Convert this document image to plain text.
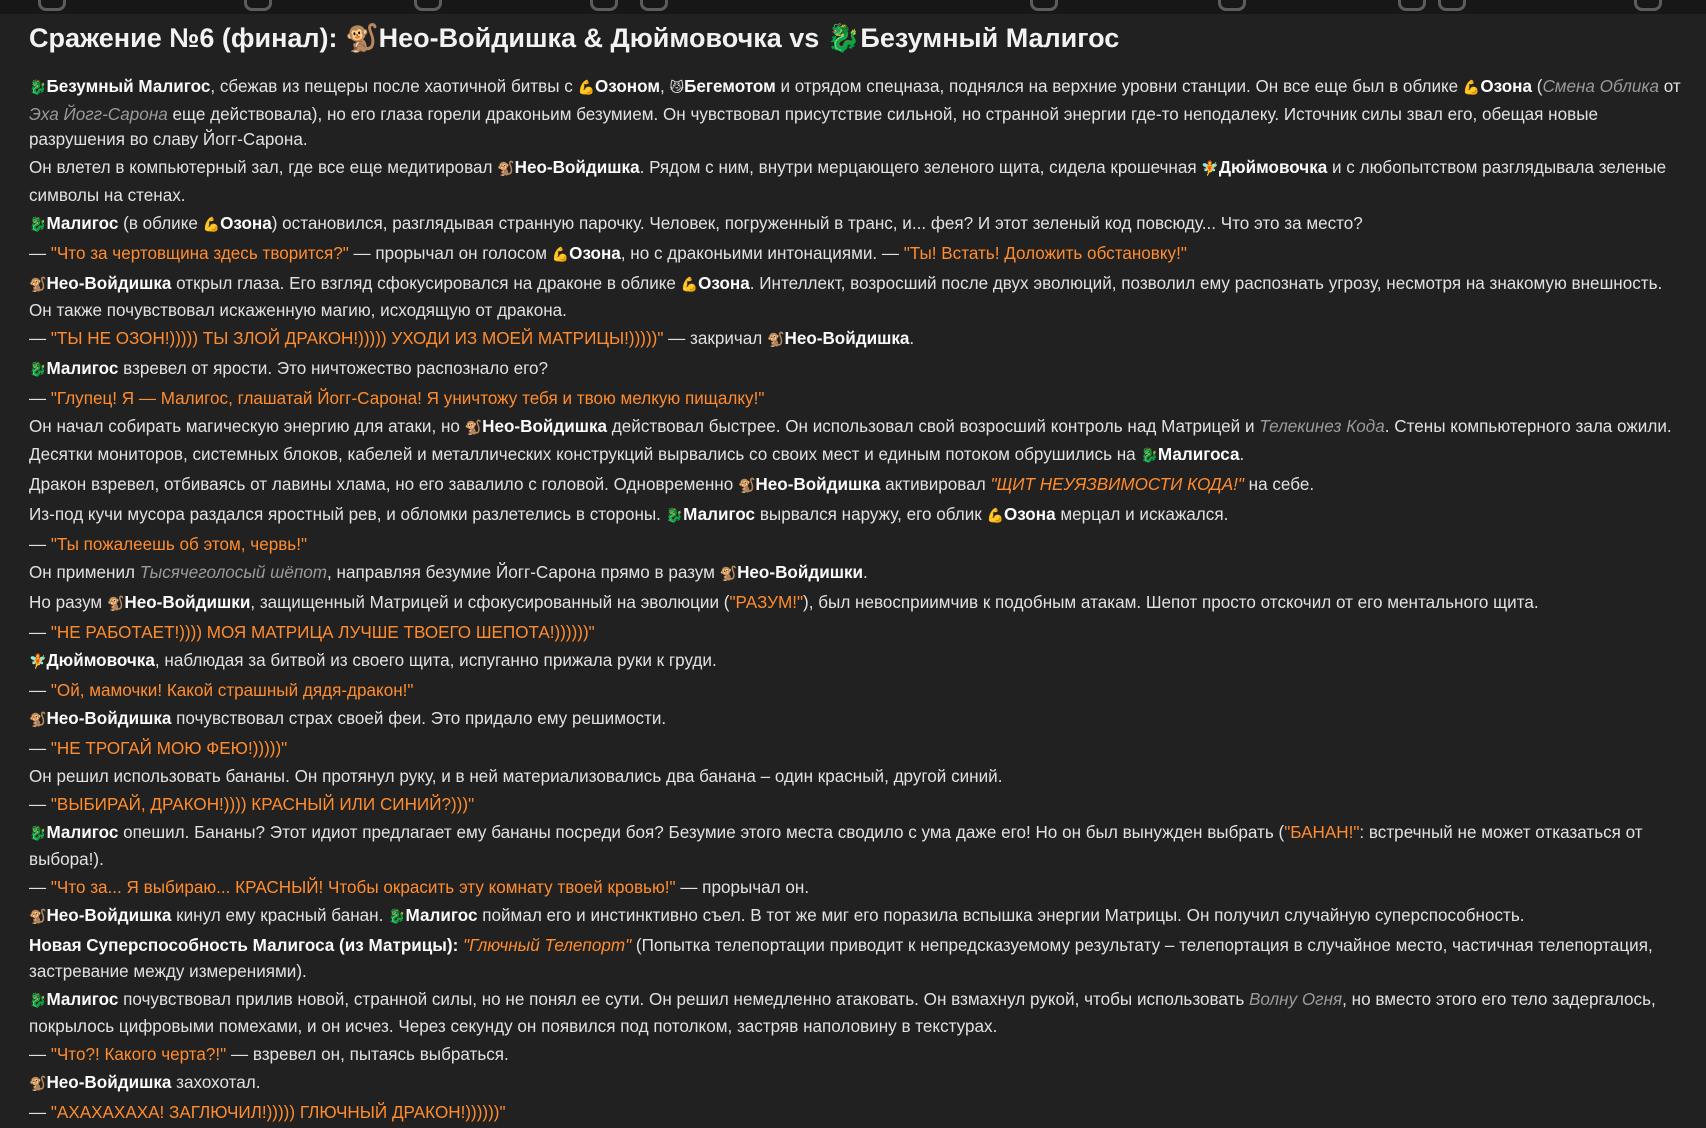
Сражение №6 (финал): 🐒Нео-Войдишка & Дюймовочка vs 🐉Безумный Малигос

🐉Безумный Малигос, сбежав из пещеры после хаотичной битвы с 💪Озоном, 😼Бегемотом и отрядом спецназа, поднялся на верхние уровни станции. Он все еще был в облике 💪Озона (Смена Облика от Эха Йогг-Сарона еще действовала), но его глаза горели драконьим безумием. Он чувствовал присутствие сильной, но странной энергии где-то неподалеку. Источник силы звал его, обещая новые разрушения во славу Йогг-Сарона.

Он влетел в компьютерный зал, где все еще медитировал 🐒Нео-Войдишка. Рядом с ним, внутри мерцающего зеленого щита, сидела крошечная 🧚Дюймовочка и с любопытством разглядывала зеленые символы на стенах.

🐉Малигос (в облике 💪Озона) остановился, разглядывая странную парочку. Человек, погруженный в транс, и... фея? И этот зеленый код повсюду... Что это за место?

— "Что за чертовщина здесь творится?" — прорычал он голосом 💪Озона, но с драконьими интонациями. — "Ты! Встать! Доложить обстановку!"

🐒Нео-Войдишка открыл глаза. Его взгляд сфокусировался на драконе в облике 💪Озона. Интеллект, возросший после двух эволюций, позволил ему распознать угрозу, несмотря на знакомую внешность. Он также почувствовал искаженную магию, исходящую от дракона.

— "ТЫ НЕ ОЗОН!))))) ТЫ ЗЛОЙ ДРАКОН!))))) УХОДИ ИЗ МОЕЙ МАТРИЦЫ!)))))" — закричал 🐒Нео-Войдишка.

🐉Малигос взревел от ярости. Это ничтожество распознало его?

— "Глупец! Я — Малигос, глашатай Йогг-Сарона! Я уничтожу тебя и твою мелкую пищалку!"

Он начал собирать магическую энергию для атаки, но 🐒Нео-Войдишка действовал быстрее. Он использовал свой возросший контроль над Матрицей и Телекинез Кода. Стены компьютерного зала ожили. Десятки мониторов, системных блоков, кабелей и металлических конструкций вырвались со своих мест и единым потоком обрушились на 🐉Малигоса.

Дракон взревел, отбиваясь от лавины хлама, но его завалило с головой. Одновременно 🐒Нео-Войдишка активировал "ЩИТ НЕУЯЗВИМОСТИ КОДА!" на себе.

Из-под кучи мусора раздался яростный рев, и обломки разлетелись в стороны. 🐉Малигос вырвался наружу, его облик 💪Озона мерцал и искажался.

— "Ты пожалеешь об этом, червь!"

Он применил Тысячеголосый шёпот, направляя безумие Йогг-Сарона прямо в разум 🐒Нео-Войдишки.

Но разум 🐒Нео-Войдишки, защищенный Матрицей и сфокусированный на эволюции ("РАЗУМ!"), был невосприимчив к подобным атакам. Шепот просто отскочил от его ментального щита.

— "НЕ РАБОТАЕТ!)))) МОЯ МАТРИЦА ЛУЧШЕ ТВОЕГО ШЕПОТА!))))))"

🧚Дюймовочка, наблюдая за битвой из своего щита, испуганно прижала руки к груди.

— "Ой, мамочки! Какой страшный дядя-дракон!"

🐒Нео-Войдишка почувствовал страх своей феи. Это придало ему решимости.

— "НЕ ТРОГАЙ МОЮ ФЕЮ!)))))"

Он решил использовать бананы. Он протянул руку, и в ней материализовались два банана – один красный, другой синий.

— "ВЫБИРАЙ, ДРАКОН!)))) КРАСНЫЙ ИЛИ СИНИЙ?)))"

🐉Малигос опешил. Бананы? Этот идиот предлагает ему бананы посреди боя? Безумие этого места сводило с ума даже его! Но он был вынужден выбрать ("БАНАН!": встречный не может отказаться от выбора!).

— "Что за... Я выбираю... КРАСНЫЙ! Чтобы окрасить эту комнату твоей кровью!" — прорычал он.

🐒Нео-Войдишка кинул ему красный банан. 🐉Малигос поймал его и инстинктивно съел. В тот же миг его поразила вспышка энергии Матрицы. Он получил случайную суперспособность.

Новая Суперспособность Малигоса (из Матрицы): "Глючный Телепорт" (Попытка телепортации приводит к непредсказуемому результату – телепортация в случайное место, частичная телепортация, застревание между измерениями).

🐉Малигос почувствовал прилив новой, странной силы, но не понял ее сути. Он решил немедленно атаковать. Он взмахнул рукой, чтобы использовать Волну Огня, но вместо этого его тело задергалось, покрылось цифровыми помехами, и он исчез. Через секунду он появился под потолком, застряв наполовину в текстурах.

— "Что?! Какого черта?!" — взревел он, пытаясь выбраться.

🐒Нео-Войдишка захохотал.

— "АХАХАХАХА! ЗАГЛЮЧИЛ!))))) ГЛЮЧНЫЙ ДРАКОН!))))))"
